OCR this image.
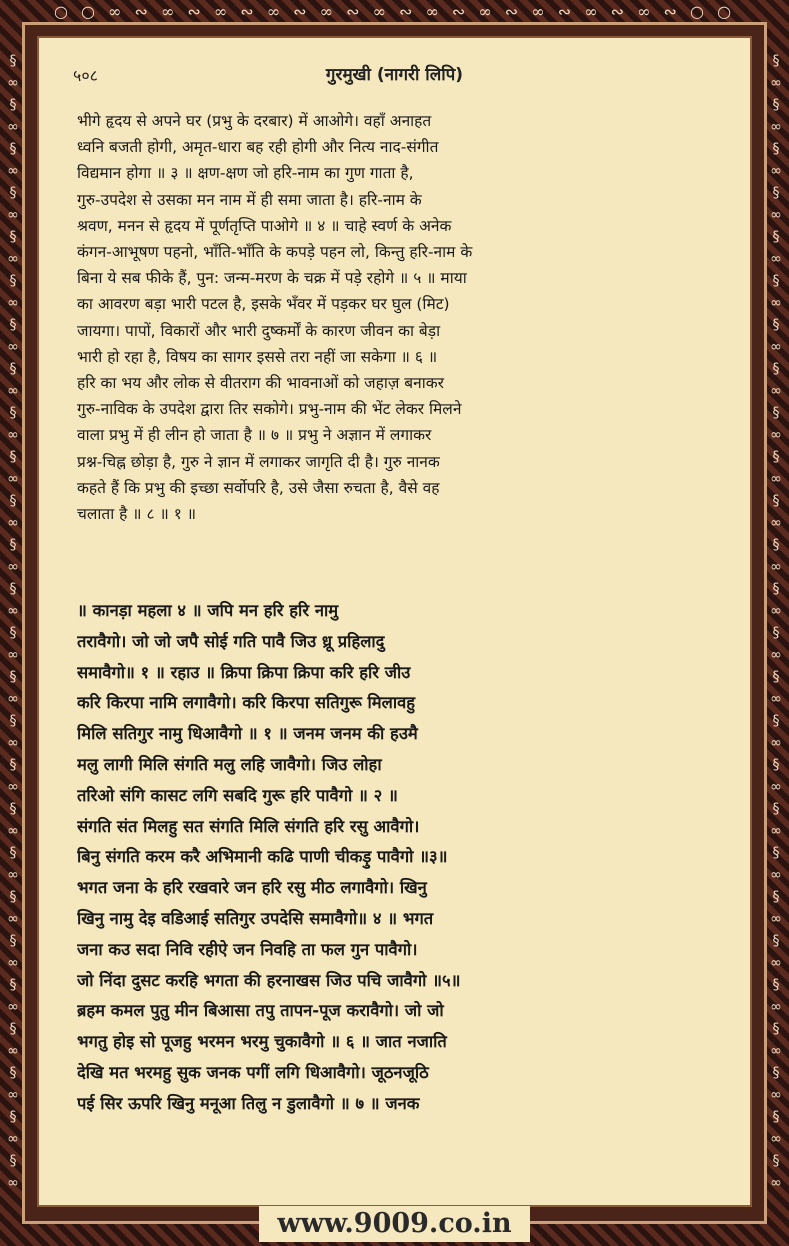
○ ○ ∞ ∾ ∞ ∾ ∞ ∾ ∞ ∾ ∞ ∾ ∞ ∾ ∞ ∾ ∞ ∾ ∞ ∾ ∞ ∾ ∞ ∾ ○ ○
§
∞
§
∞
§
∞
§
∞
§
∞
§
∞
§
∞
§
∞
§
∞
§
∞
§
∞
§
∞
§
∞
§
∞
§
∞
§
∞
§
∞
§
∞
§
∞
§
∞
§
∞
§
∞
§
∞
§
∞
§
∞
§
∞
§
∞
§
∞
§
∞
§
∞
§
∞
§
∞
§
∞
§
∞
§
∞
§
∞
§
∞
§
∞
§
∞
§
∞
§
∞
§
∞
§
∞
§
∞
§
∞
§
∞
§
∞
§
∞
§
∞
§
∞
§
∞
§
∞
५०८	गुरमुखी (नागरी लिपि)
भीगे हृदय से अपने घर (प्रभु के दरबार) में आओगे। वहाँ अनाहत
ध्वनि बजती होगी, अमृत-धारा बह रही होगी और नित्य नाद-संगीत
विद्यमान होगा ॥ ३ ॥ क्षण-क्षण जो हरि-नाम का गुण गाता है,
गुरु-उपदेश से उसका मन नाम में ही समा जाता है। हरि-नाम के
श्रवण, मनन से हृदय में पूर्णतृप्ति पाओगे ॥ ४ ॥ चाहे स्वर्ण के अनेक
कंगन-आभूषण पहनो, भाँति-भाँति के कपड़े पहन लो, किन्तु हरि-नाम के
बिना ये सब फीके हैं, पुन: जन्म-मरण के चक्र में पड़े रहोगे ॥ ५ ॥ माया
का आवरण बड़ा भारी पटल है, इसके भँवर में पड़कर घर घुल (मिट)
जायगा। पापों, विकारों और भारी दुष्कर्मों के कारण जीवन का बेड़ा
भारी हो रहा है, विषय का सागर इससे तरा नहीं जा सकेगा ॥ ६ ॥
हरि का भय और लोक से वीतराग की भावनाओं को जहाज़ बनाकर
गुरु-नाविक के उपदेश द्वारा तिर सकोगे। प्रभु-नाम की भेंट लेकर मिलने
वाला प्रभु में ही लीन हो जाता है ॥ ७ ॥ प्रभु ने अज्ञान में लगाकर
प्रश्न-चिह्न छोड़ा है, गुरु ने ज्ञान में लगाकर जागृति दी है। गुरु नानक
कहते हैं कि प्रभु की इच्छा सर्वोपरि है, उसे जैसा रुचता है, वैसे वह
चलाता है ॥ ८ ॥ १ ॥
॥ कानड़ा महला ४ ॥ जपि मन हरि हरि नामु
तरावैगो। जो जो जपै सोई गति पावै जिउ ध्रू प्रहिलादु
समावैगो॥ १ ॥ रहाउ ॥ क्रिपा क्रिपा क्रिपा करि हरि जीउ
करि किरपा नामि लगावैगो। करि किरपा सतिगुरू मिलावहु
मिलि सतिगुर नामु धिआवैगो ॥ १ ॥ जनम जनम की हउमै
मलु लागी मिलि संगति मलु लहि जावैगो। जिउ लोहा
तरिओ संगि कासट लगि सबदि गुरू हरि पावैगो ॥ २ ॥
संगति संत मिलहु सत संगति मिलि संगति हरि रसु आवैगो।
बिनु संगति करम करै अभिमानी कढि पाणी चीकड़ु पावैगो ॥३॥
भगत जना के हरि रखवारे जन हरि रसु मीठ लगावैगो। खिनु
खिनु नामु देइ वडिआई सतिगुर उपदेसि समावैगो॥ ४ ॥ भगत
जना कउ सदा निवि रहीऐ जन निवहि ता फल गुन पावैगो।
जो निंदा दुसट करहि भगता की हरनाखस जिउ पचि जावैगो ॥५॥
ब्रहम कमल पुतु मीन बिआसा तपु तापन-पूज करावैगो। जो जो
भगतु होइ सो पूजहु भरमन भरमु चुकावैगो ॥ ६ ॥ जात नजाति
देखि मत भरमहु सुक जनक पगीं लगि धिआवैगो। जूठनजूठि
पई सिर ऊपरि खिनु मनूआ तिलु न डुलावैगो ॥ ७ ॥ जनक
www.9009.co.in
